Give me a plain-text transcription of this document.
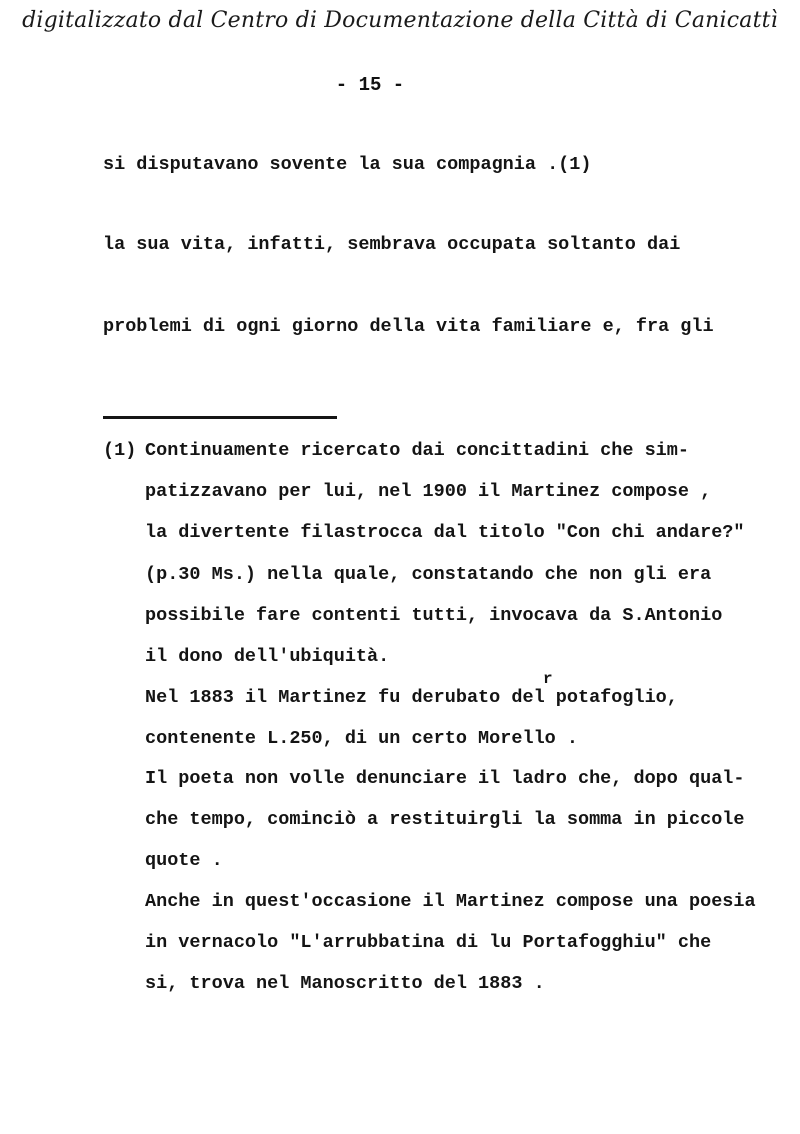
digitalizzato dal Centro di Documentazione della Città di Canicattì
- 15 -
si disputavano sovente la sua compagnia .(1)
la sua vita, infatti, sembrava occupata soltanto dai
problemi di ogni giorno della vita familiare e, fra gli
(1) Continuamente ricercato dai concittadini che sim-
patizzavano per lui, nel 1900 il Martinez compose ,
la divertente filastrocca dal titolo "Con chi andare?"
(p.30 Ms.) nella quale, constatando che non gli era
possibile fare contenti tutti, invocava da S.Antonio
il dono dell'ubiquità.
r
Nel 1883 il Martinez fu derubato del potafoglio,
contenente L.250, di un certo Morello .
Il poeta non volle denunciare il ladro che, dopo qual-
che tempo, cominciò a restituirgli la somma in piccole
quote .
Anche in quest'occasione il Martinez compose una poesia
in vernacolo "L'arrubbatina di lu Portafogghiu" che
si, trova nel Manoscritto del 1883 .
